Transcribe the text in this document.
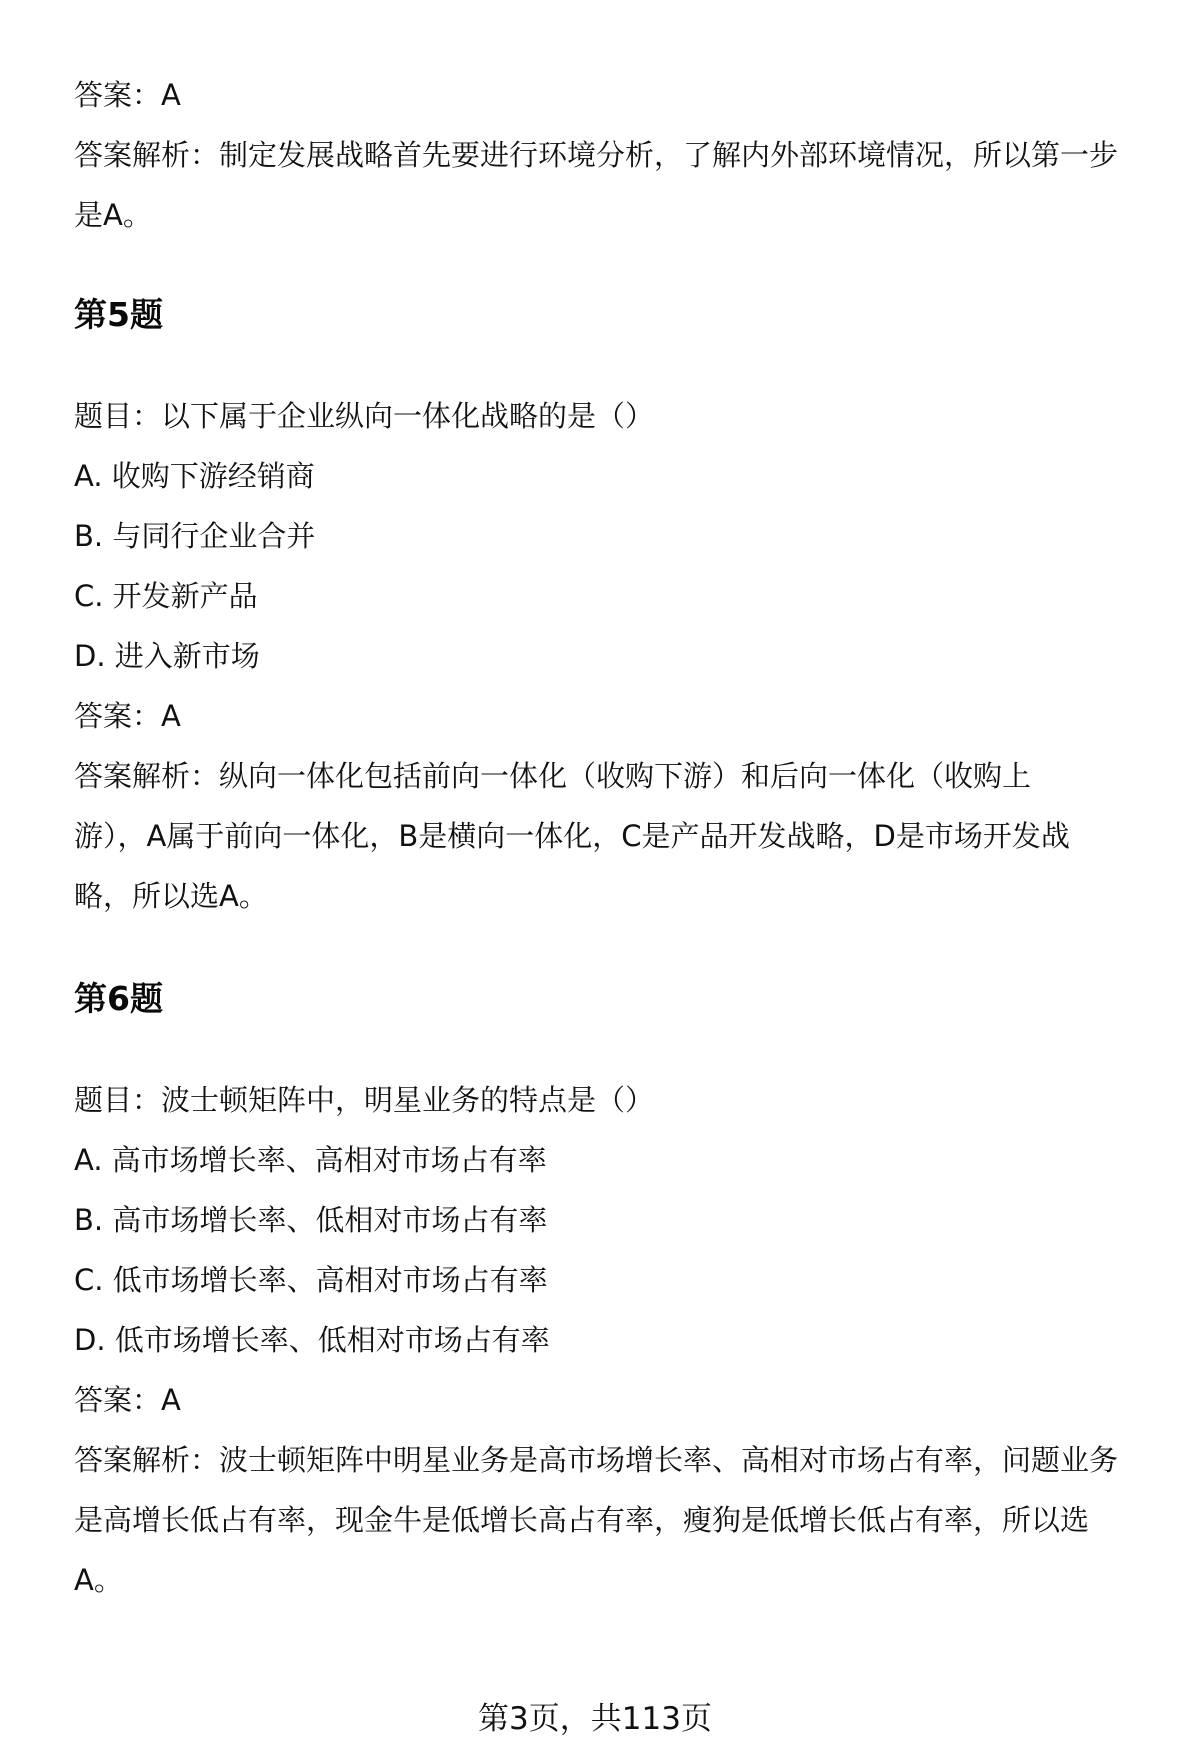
答案：A

答案解析：制定发展战略首先要进行环境分析，了解内外部环境情况，所以第一步

是A。

第5题

题目：以下属于企业纵向一体化战略的是（）

A. 收购下游经销商

B. 与同行企业合并

C. 开发新产品

D. 进入新市场

答案：A

答案解析：纵向一体化包括前向一体化（收购下游）和后向一体化（收购上

游），A属于前向一体化，B是横向一体化，C是产品开发战略，D是市场开发战

略，所以选A。

第6题

题目：波士顿矩阵中，明星业务的特点是（）

A. 高市场增长率、高相对市场占有率

B. 高市场增长率、低相对市场占有率

C. 低市场增长率、高相对市场占有率

D. 低市场增长率、低相对市场占有率

答案：A

答案解析：波士顿矩阵中明星业务是高市场增长率、高相对市场占有率，问题业务

是高增长低占有率，现金牛是低增长高占有率，瘦狗是低增长低占有率，所以选

A。

第3页，共113页
